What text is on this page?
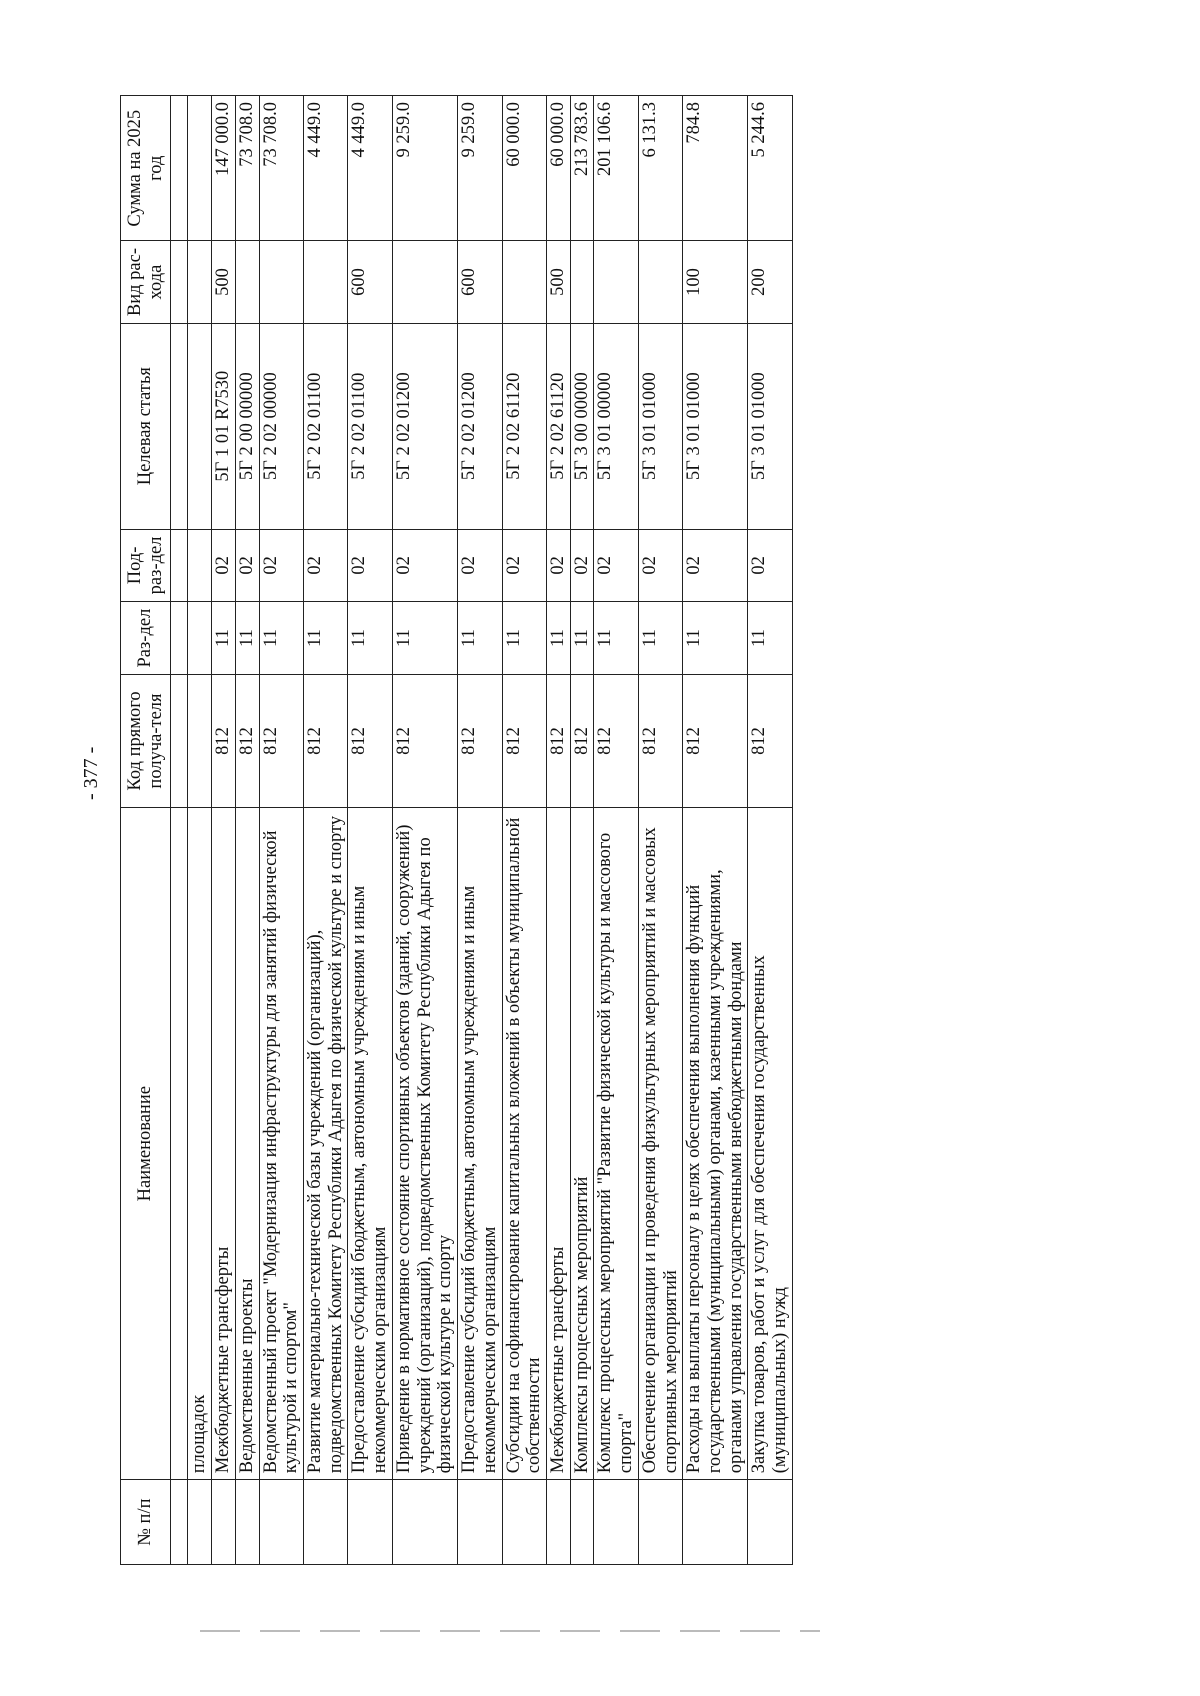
- 377 -
№ п/п	Наименование	Код прямого получа-теля	Раз-дел	Под-раз-дел	Целевая статья	Вид рас-хода	Сумма на 2025 год

	площадок						
	Межбюджетные трансферты	812	11	02	5Г 1 01 R7530	500	147 000.0
	Ведомственные проекты	812	11	02	5Г 2 00 00000		73 708.0
	Ведомственный проект "Модернизация инфраструктуры для занятий физической культурой и спортом"	812	11	02	5Г 2 02 00000		73 708.0
	Развитие материально-технической базы учреждений (организаций), подведомственных Комитету Республики Адыгея по физической культуре и спорту	812	11	02	5Г 2 02 01100		4 449.0
	Предоставление субсидий бюджетным, автономным учреждениям и иным некоммерческим организациям	812	11	02	5Г 2 02 01100	600	4 449.0
	Приведение в нормативное состояние спортивных объектов (зданий, сооружений) учреждений (организаций), подведомственных Комитету Республики Адыгея по физической культуре и спорту	812	11	02	5Г 2 02 01200		9 259.0
	Предоставление субсидий бюджетным, автономным учреждениям и иным некоммерческим организациям	812	11	02	5Г 2 02 01200	600	9 259.0
	Субсидии на софинансирование капитальных вложений в объекты муниципальной собственности	812	11	02	5Г 2 02 61120		60 000.0
	Межбюджетные трансферты	812	11	02	5Г 2 02 61120	500	60 000.0
	Комплексы процессных мероприятий	812	11	02	5Г 3 00 00000		213 783.6
	Комплекс процессных мероприятий "Развитие физической культуры и массового спорта"	812	11	02	5Г 3 01 00000		201 106.6
	Обеспечение организации и проведения физкультурных мероприятий и массовых спортивных мероприятий	812	11	02	5Г 3 01 01000		6 131.3
	Расходы на выплаты персоналу в целях обеспечения выполнения функций государственными (муниципальными) органами, казенными учреждениями, органами управления государственными внебюджетными фондами	812	11	02	5Г 3 01 01000	100	784.8
	Закупка товаров, работ и услуг для обеспечения государственных (муниципальных) нужд	812	11	02	5Г 3 01 01000	200	5 244.6
